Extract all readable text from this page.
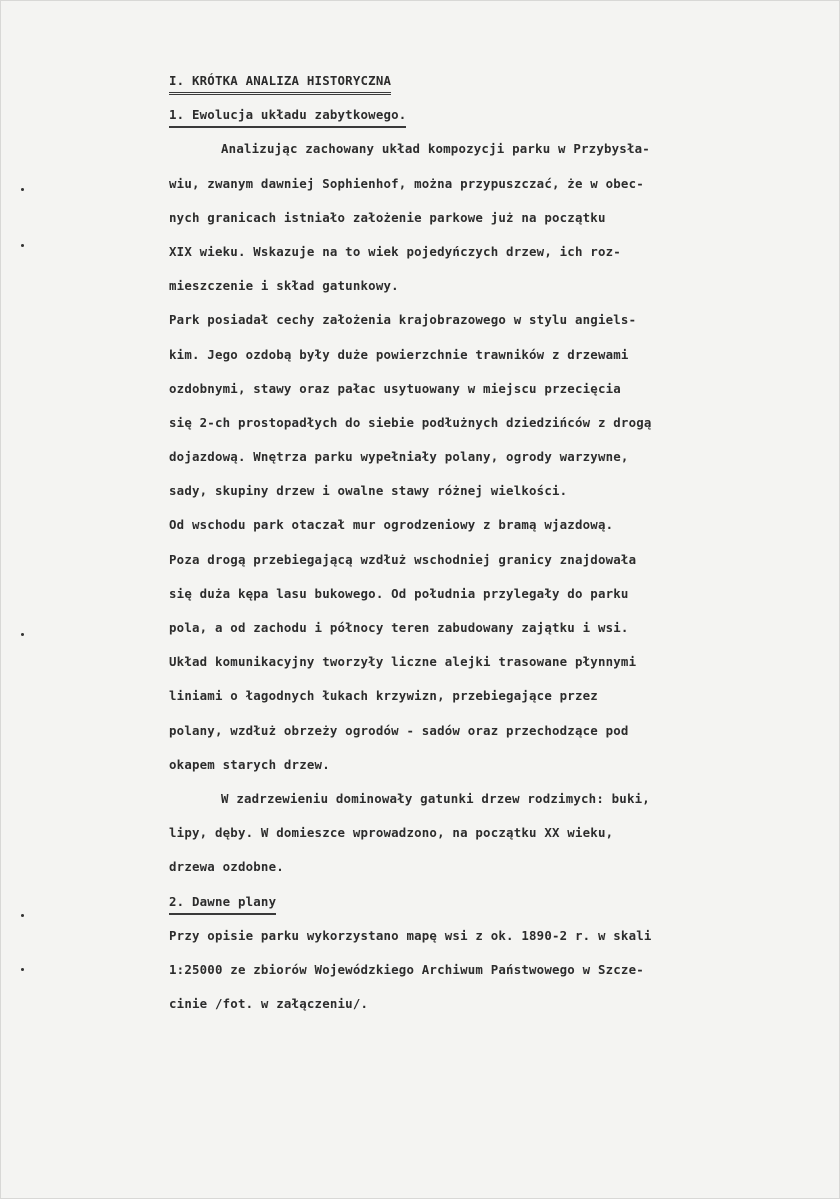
I. KRÓTKA ANALIZA HISTORYCZNA
1. Ewolucja układu zabytkowego.
Analizując zachowany układ kompozycji parku w Przybysła-
wiu, zwanym dawniej Sophienhof, można przypuszczać, że w obec-
nych granicach istniało założenie parkowe już na początku
XIX wieku. Wskazuje na to wiek pojedyńczych drzew, ich roz-
mieszczenie i skład gatunkowy.
Park posiadał cechy założenia krajobrazowego w stylu angiels-
kim. Jego ozdobą były duże powierzchnie trawników z drzewami
ozdobnymi, stawy oraz pałac usytuowany w miejscu przecięcia
się 2-ch prostopadłych do siebie podłużnych dziedzińców z drogą
dojazdową. Wnętrza parku wypełniały polany, ogrody warzywne,
sady, skupiny drzew i owalne stawy różnej wielkości.
Od wschodu park otaczał mur ogrodzeniowy z bramą wjazdową.
Poza drogą przebiegającą wzdłuż wschodniej granicy znajdowała
się duża kępa lasu bukowego. Od południa przylegały do parku
pola, a od zachodu i północy teren zabudowany zajątku i wsi.
Układ komunikacyjny tworzyły liczne alejki trasowane płynnymi
liniami o łagodnych łukach krzywizn, przebiegające przez
polany, wzdłuż obrzeży ogrodów - sadów oraz przechodzące pod
okapem starych drzew.
W zadrzewieniu dominowały gatunki drzew rodzimych: buki,
lipy, dęby. W domieszce wprowadzono, na początku XX wieku,
drzewa ozdobne.
2. Dawne plany
Przy opisie parku wykorzystano mapę wsi z ok. 1890-2 r. w skali
1:25000 ze zbiorów Wojewódzkiego Archiwum Państwowego w Szcze-
cinie /fot. w załączeniu/.
